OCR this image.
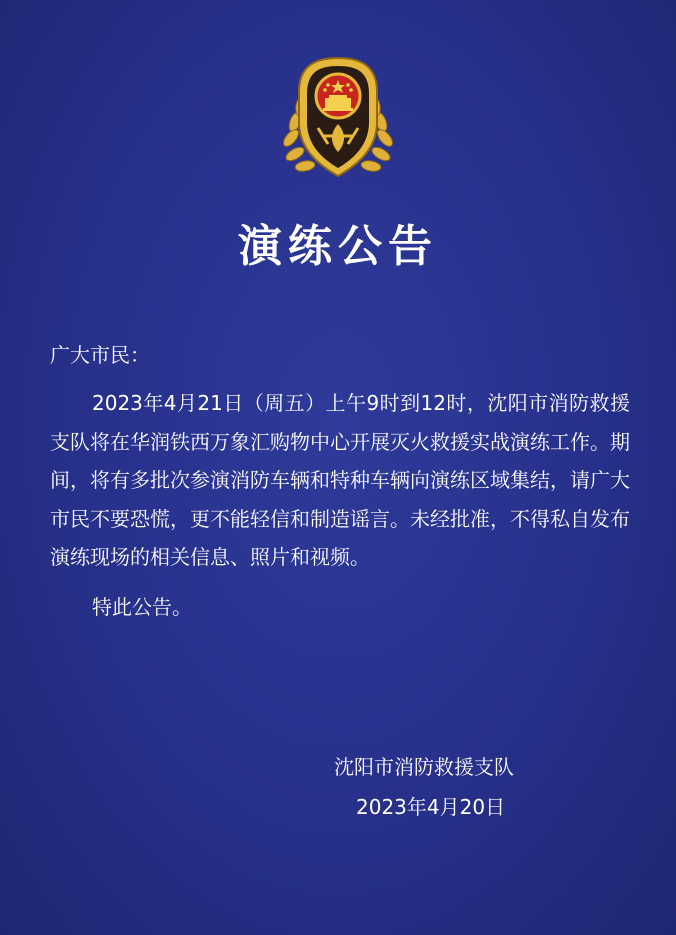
演练公告
广大市民：
2023年4月21日（周五）上午9时到12时，沈阳市消防救援支队将在华润铁西万象汇购物中心开展灭火救援实战演练工作。期间，将有多批次参演消防车辆和特种车辆向演练区域集结，请广大市民不要恐慌，更不能轻信和制造谣言。未经批准，不得私自发布演练现场的相关信息、照片和视频。
特此公告。
沈阳市消防救援支队
2023年4月20日
